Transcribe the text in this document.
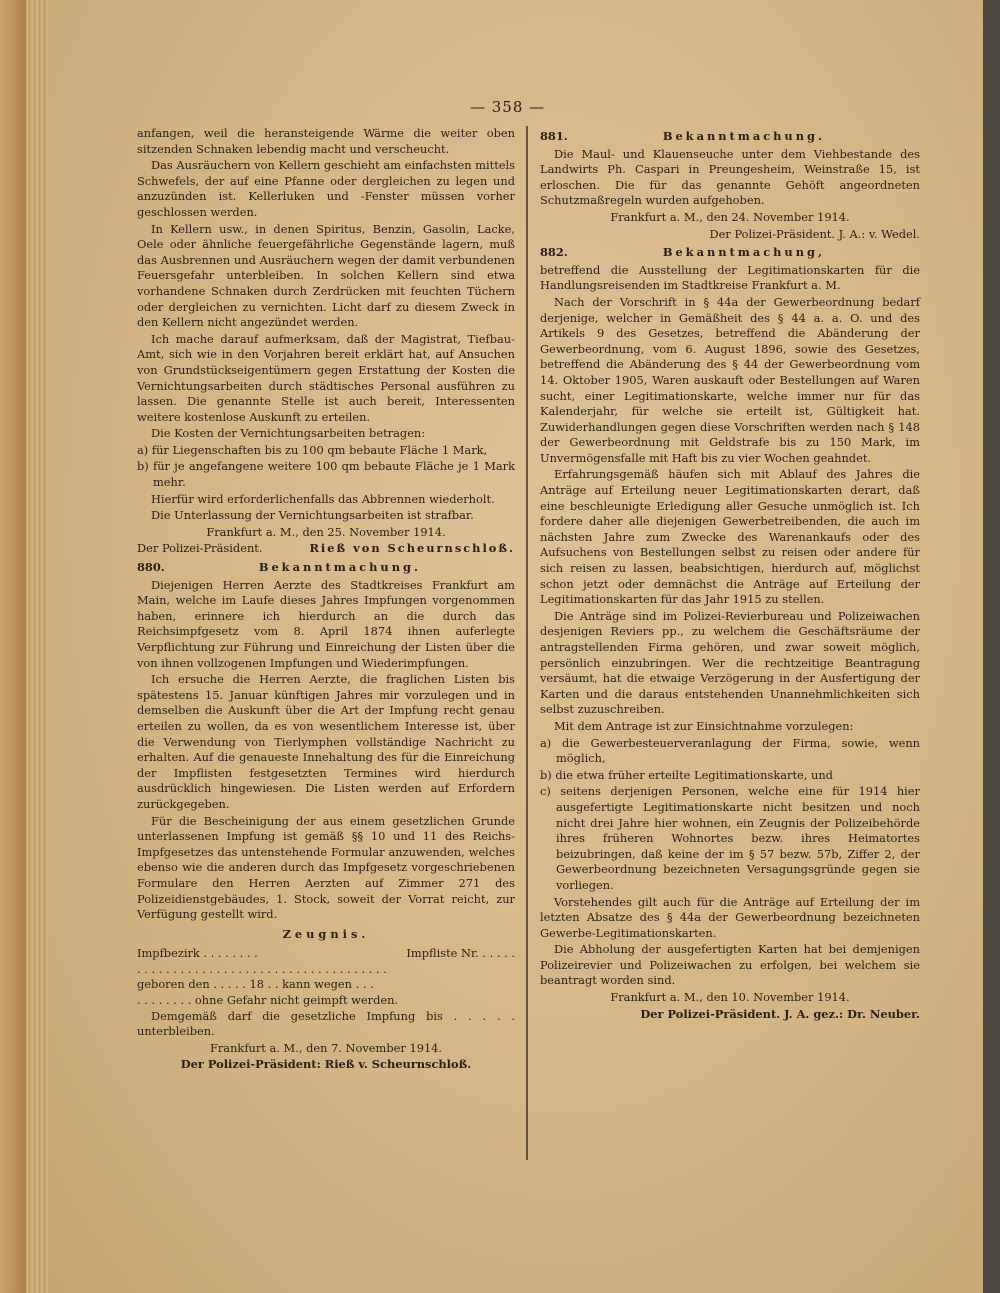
— 358 —

anfangen, weil die heransteigende Wärme die weiter oben sitzenden Schnaken lebendig macht und verscheucht.

Das Ausräuchern von Kellern geschieht am einfachsten mittels Schwefels, der auf eine Pfanne oder dergleichen zu legen und anzuzünden ist. Kellerluken und -Fenster müssen vorher geschlossen werden.

In Kellern usw., in denen Spiritus, Benzin, Gasolin, Lacke, Oele oder ähnliche feuergefährliche Gegenstände lagern, muß das Ausbrennen und Ausräuchern wegen der damit verbundenen Feuersgefahr unterbleiben. In solchen Kellern sind etwa vorhandene Schnaken durch Zerdrücken mit feuchten Tüchern oder dergleichen zu vernichten. Licht darf zu diesem Zweck in den Kellern nicht angezündet werden.

Ich mache darauf aufmerksam, daß der Magistrat, Tiefbau-Amt, sich wie in den Vorjahren bereit erklärt hat, auf Ansuchen von Grundstückseigentümern gegen Erstattung der Kosten die Vernichtungsarbeiten durch städtisches Personal ausführen zu lassen. Die genannte Stelle ist auch bereit, Interessenten weitere kostenlose Auskunft zu erteilen.

Die Kosten der Vernichtungsarbeiten betragen:

a) für Liegenschaften bis zu 100 qm bebaute Fläche 1 Mark,

b) für je angefangene weitere 100 qm bebaute Fläche je 1 Mark mehr.

Hierfür wird erforderlichenfalls das Abbrennen wiederholt.

Die Unterlassung der Vernichtungsarbeiten ist strafbar.

Frankfurt a. M., den 25. November 1914.

Der Polizei-Präsident.	Rieß von Scheurnschloß.
880.	Bekanntmachung.

Diejenigen Herren Aerzte des Stadtkreises Frankfurt am Main, welche im Laufe dieses Jahres Impfungen vorgenommen haben, erinnere ich hierdurch an die durch das Reichsimpfgesetz vom 8. April 1874 ihnen auferlegte Verpflichtung zur Führung und Einreichung der Listen über die von ihnen vollzogenen Impfungen und Wiederimpfungen.

Ich ersuche die Herren Aerzte, die fraglichen Listen bis spätestens 15. Januar künftigen Jahres mir vorzulegen und in demselben die Auskunft über die Art der Impfung recht genau erteilen zu wollen, da es von wesentlichem Interesse ist, über die Verwendung von Tierlymphen vollständige Nachricht zu erhalten. Auf die genaueste Innehaltung des für die Einreichung der Impflisten festgesetzten Termines wird hierdurch ausdrücklich hingewiesen. Die Listen werden auf Erfordern zurückgegeben.

Für die Bescheinigung der aus einem gesetzlichen Grunde unterlassenen Impfung ist gemäß §§ 10 und 11 des Reichs-Impfgesetzes das untenstehende Formular anzuwenden, welches ebenso wie die anderen durch das Impfgesetz vorgeschriebenen Formulare den Herren Aerzten auf Zimmer 271 des Polizeidienstgebäudes, 1. Stock, soweit der Vorrat reicht, zur Verfügung gestellt wird.

Zeugnis.
Impfbezirk . . . . . . . .	Impfliste Nr. . . . . .
. . . . . . . . . . . . . . . . . . . . . . . . . . . . . . . . . . .
geboren den . . . . . 18 . . kann wegen . . .
. . . . . . . . ohne Gefahr nicht geimpft werden.

Demgemäß darf die gesetzliche Impfung bis . . . . . unterbleiben.

Frankfurt a. M., den 7. November 1914.

Der Polizei-Präsident: Rieß v. Scheurnschloß.

881.	Bekanntmachung.

Die Maul- und Klauenseuche unter dem Viehbestande des Landwirts Ph. Caspari in Preungesheim, Weinstraße 15, ist erloschen. Die für das genannte Gehöft angeordneten Schutzmaßregeln wurden aufgehoben.

Frankfurt a. M., den 24. November 1914.

Der Polizei-Präsident. J. A.: v. Wedel.

882.	Bekanntmachung,

betreffend die Ausstellung der Legitimationskarten für die Handlungsreisenden im Stadtkreise Frankfurt a. M.

Nach der Vorschrift in § 44a der Gewerbeordnung bedarf derjenige, welcher in Gemäßheit des § 44 a. a. O. und des Artikels 9 des Gesetzes, betreffend die Abänderung der Gewerbeordnung, vom 6. August 1896, sowie des Gesetzes, betreffend die Abänderung des § 44 der Gewerbeordnung vom 14. Oktober 1905, Waren auskauft oder Bestellungen auf Waren sucht, einer Legitimationskarte, welche immer nur für das Kalenderjahr, für welche sie erteilt ist, Gültigkeit hat. Zuwiderhandlungen gegen diese Vorschriften werden nach § 148 der Gewerbeordnung mit Geldstrafe bis zu 150 Mark, im Unvermögensfalle mit Haft bis zu vier Wochen geahndet.

Erfahrungsgemäß häufen sich mit Ablauf des Jahres die Anträge auf Erteilung neuer Legitimationskarten derart, daß eine beschleunigte Erledigung aller Gesuche unmöglich ist. Ich fordere daher alle diejenigen Gewerbetreibenden, die auch im nächsten Jahre zum Zwecke des Warenankaufs oder des Aufsuchens von Bestellungen selbst zu reisen oder andere für sich reisen zu lassen, beabsichtigen, hierdurch auf, möglichst schon jetzt oder demnächst die Anträge auf Erteilung der Legitimationskarten für das Jahr 1915 zu stellen.

Die Anträge sind im Polizei-Revierbureau und Polizeiwachen desjenigen Reviers pp., zu welchem die Geschäftsräume der antragstellenden Firma gehören, und zwar soweit möglich, persönlich einzubringen. Wer die rechtzeitige Beantragung versäumt, hat die etwaige Verzögerung in der Ausfertigung der Karten und die daraus entstehenden Unannehmlichkeiten sich selbst zuzuschreiben.

Mit dem Antrage ist zur Einsichtnahme vorzulegen:

a) die Gewerbesteuerveranlagung der Firma, sowie, wenn möglich,

b) die etwa früher erteilte Legitimationskarte, und

c) seitens derjenigen Personen, welche eine für 1914 hier ausgefertigte Legitimationskarte nicht besitzen und noch nicht drei Jahre hier wohnen, ein Zeugnis der Polizeibehörde ihres früheren Wohnortes bezw. ihres Heimatortes beizubringen, daß keine der im § 57 bezw. 57b, Ziffer 2, der Gewerbeordnung bezeichneten Versagungsgründe gegen sie vorliegen.

Vorstehendes gilt auch für die Anträge auf Erteilung der im letzten Absatze des § 44a der Gewerbeordnung bezeichneten Gewerbe-Legitimationskarten.

Die Abholung der ausgefertigten Karten hat bei demjenigen Polizeirevier und Polizeiwachen zu erfolgen, bei welchem sie beantragt worden sind.

Frankfurt a. M., den 10. November 1914.

Der Polizei-Präsident. J. A. gez.: Dr. Neuber.
